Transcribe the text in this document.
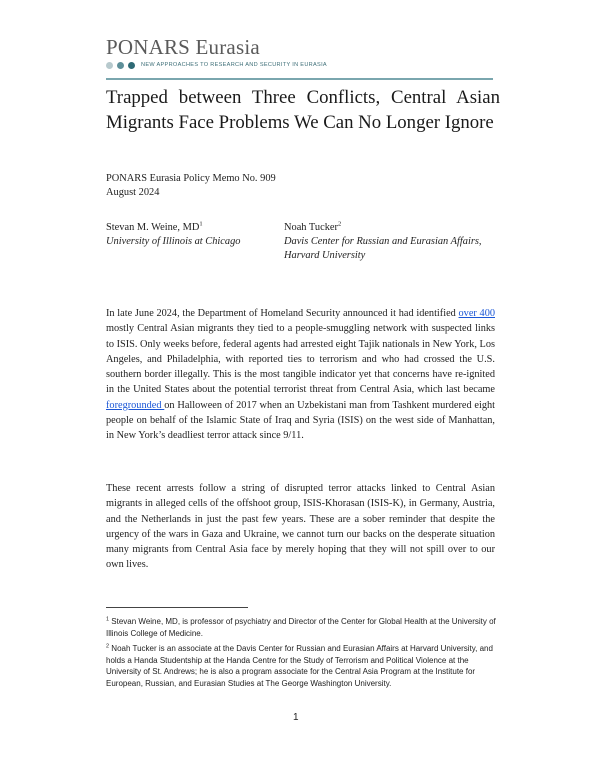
PONARS Eurasia
NEW APPROACHES TO RESEARCH AND SECURITY IN EURASIA
Trapped between Three Conflicts, Central Asian Migrants Face Problems We Can No Longer Ignore
PONARS Eurasia Policy Memo No. 909
August 2024
Stevan M. Weine, $MD^1$
University of Illinois at Chicago
Noah Tucker$^2$
Davis Center for Russian and Eurasian Affairs, Harvard University

In late June 2024, the Department of Homeland Security announced it had identified over 400 mostly Central Asian migrants they tied to a people-smuggling network with suspected links to ISIS. Only weeks before, federal agents had arrested eight Tajik nationals in New York, Los Angeles, and Philadelphia, with reported ties to terrorism and who had crossed the U.S. southern border illegally. This is the most tangible indicator yet that concerns have re-ignited in the United States about the potential terrorist threat from Central Asia, which last became foregrounded on Halloween of 2017 when an Uzbekistani man from Tashkent murdered eight people on behalf of the Islamic State of Iraq and Syria (ISIS) on the west side of Manhattan, in New York’s deadliest terror attack since 9/11.

These recent arrests follow a string of disrupted terror attacks linked to Central Asian migrants in alleged cells of the offshoot group, ISIS-Khorasan (ISIS-K), in Germany, Austria, and the Netherlands in just the past few years. These are a sober reminder that despite the urgency of the wars in Gaza and Ukraine, we cannot turn our backs on the desperate situation many migrants from Central Asia face by merely hoping that they will not spill over to our own lives.

$^1$ Stevan Weine, MD, is professor of psychiatry and Director of the Center for Global Health at the University of Illinois College of Medicine.

$^2$ Noah Tucker is an associate at the Davis Center for Russian and Eurasian Affairs at Harvard University, and holds a Handa Studentship at the Handa Centre for the Study of Terrorism and Political Violence at the University of St. Andrews; he is also a program associate for the Central Asia Program at the Institute for European, Russian, and Eurasian Studies at The George Washington University.

1
